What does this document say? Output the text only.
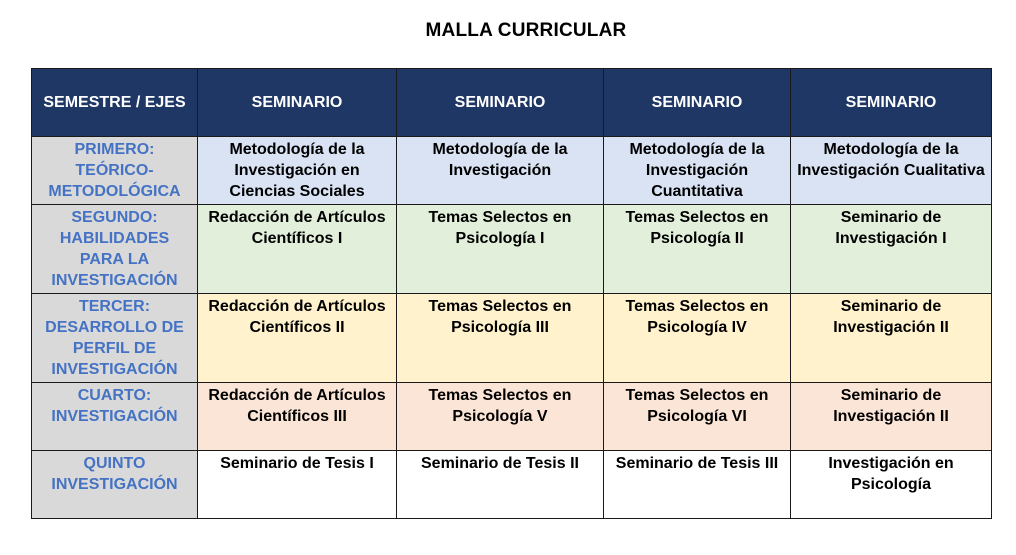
MALLA CURRICULAR
SEMESTRE / EJES	SEMINARIO	SEMINARIO	SEMINARIO	SEMINARIO
PRIMERO: TEÓRICO-METODOLÓGICA	Metodología de la Investigación en Ciencias Sociales	Metodología de la Investigación	Metodología de la Investigación Cuantitativa	Metodología de la Investigación Cualitativa
SEGUNDO: HABILIDADES PARA LA INVESTIGACIÓN	Redacción de Artículos Científicos I	Temas Selectos en Psicología I	Temas Selectos en Psicología II	Seminario de Investigación I
TERCER: DESARROLLO DE PERFIL DE INVESTIGACIÓN	Redacción de Artículos Científicos II	Temas Selectos en Psicología III	Temas Selectos en Psicología IV	Seminario de Investigación II
CUARTO: INVESTIGACIÓN	Redacción de Artículos Científicos III	Temas Selectos en Psicología V	Temas Selectos en Psicología VI	Seminario de Investigación II
QUINTO INVESTIGACIÓN	Seminario de Tesis I	Seminario de Tesis II	Seminario de Tesis III	Investigación en Psicología
